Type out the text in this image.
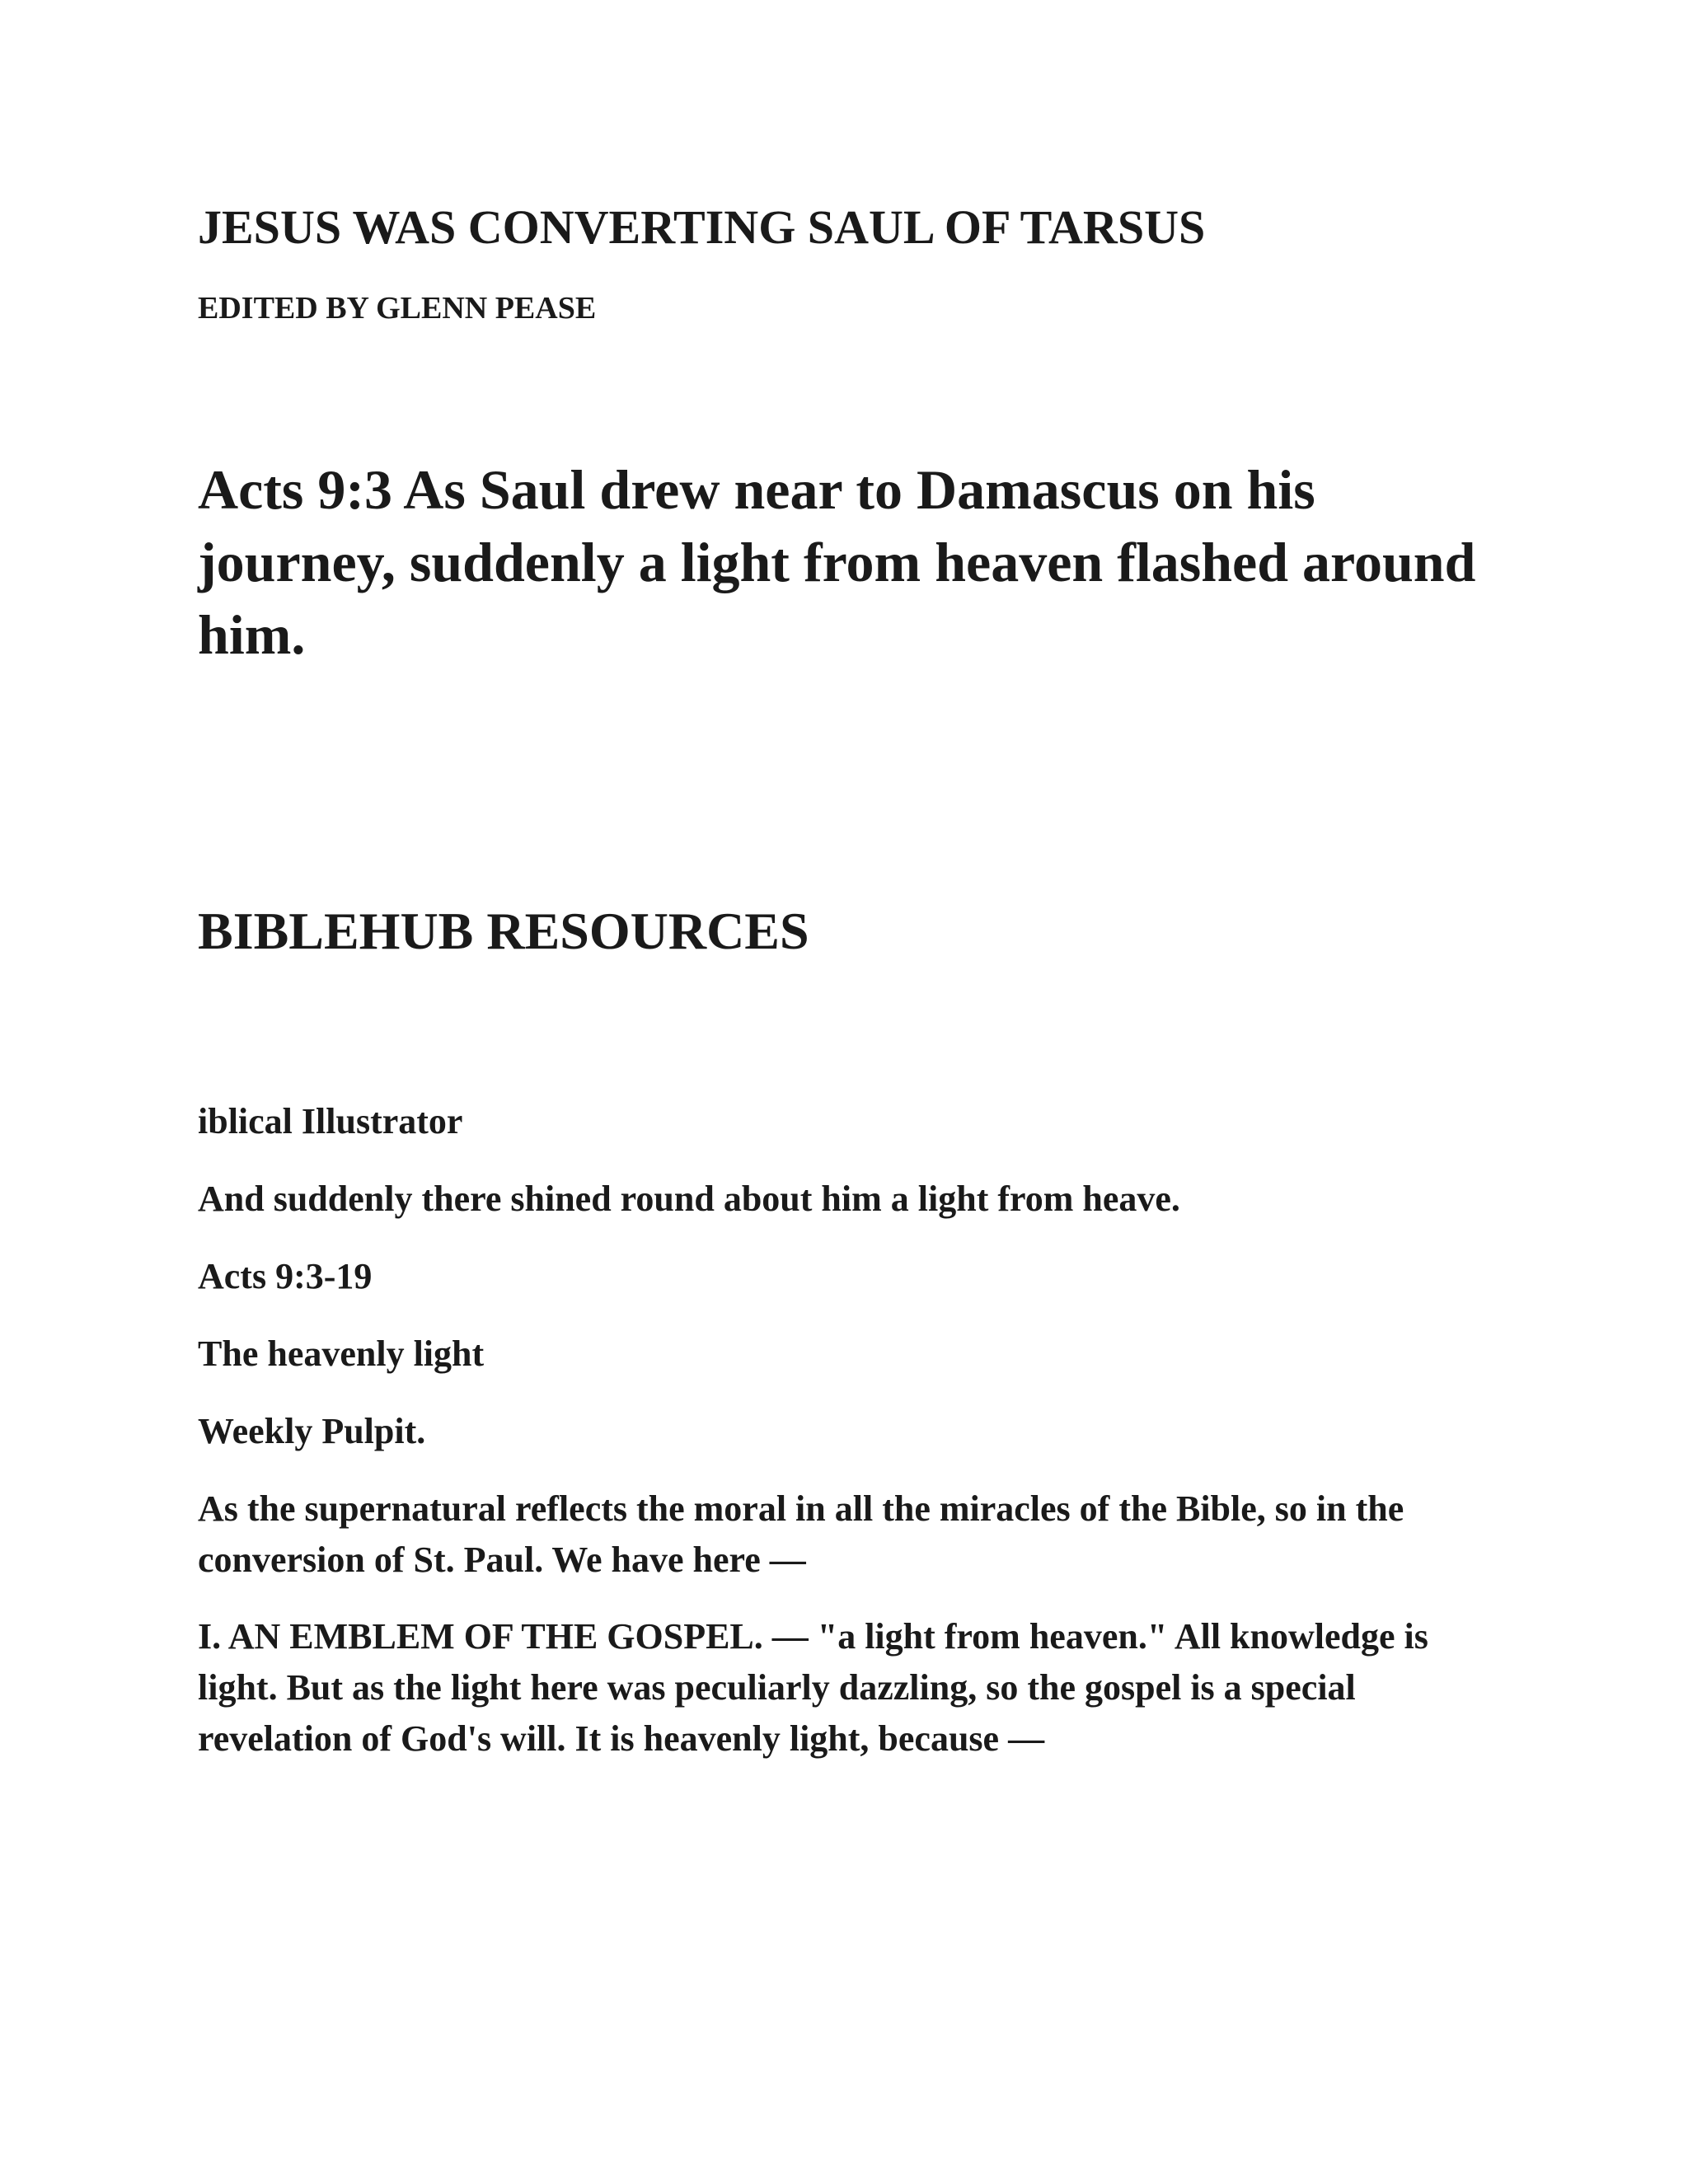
JESUS WAS CONVERTING SAUL OF TARSUS
EDITED BY GLENN PEASE
Acts 9:3 As Saul drew near to Damascus on his journey, suddenly a light from heaven flashed around him.
BIBLEHUB RESOURCES
iblical Illustrator
And suddenly there shined round about him a light from heave.
Acts 9:3-19
The heavenly light
Weekly Pulpit.

As the supernatural reflects the moral in all the miracles of the Bible, so in the conversion of St. Paul. We have here —

I. AN EMBLEM OF THE GOSPEL. — "a light from heaven." All knowledge is light. But as the light here was peculiarly dazzling, so the gospel is a special revelation of God's will. It is heavenly light, because —
